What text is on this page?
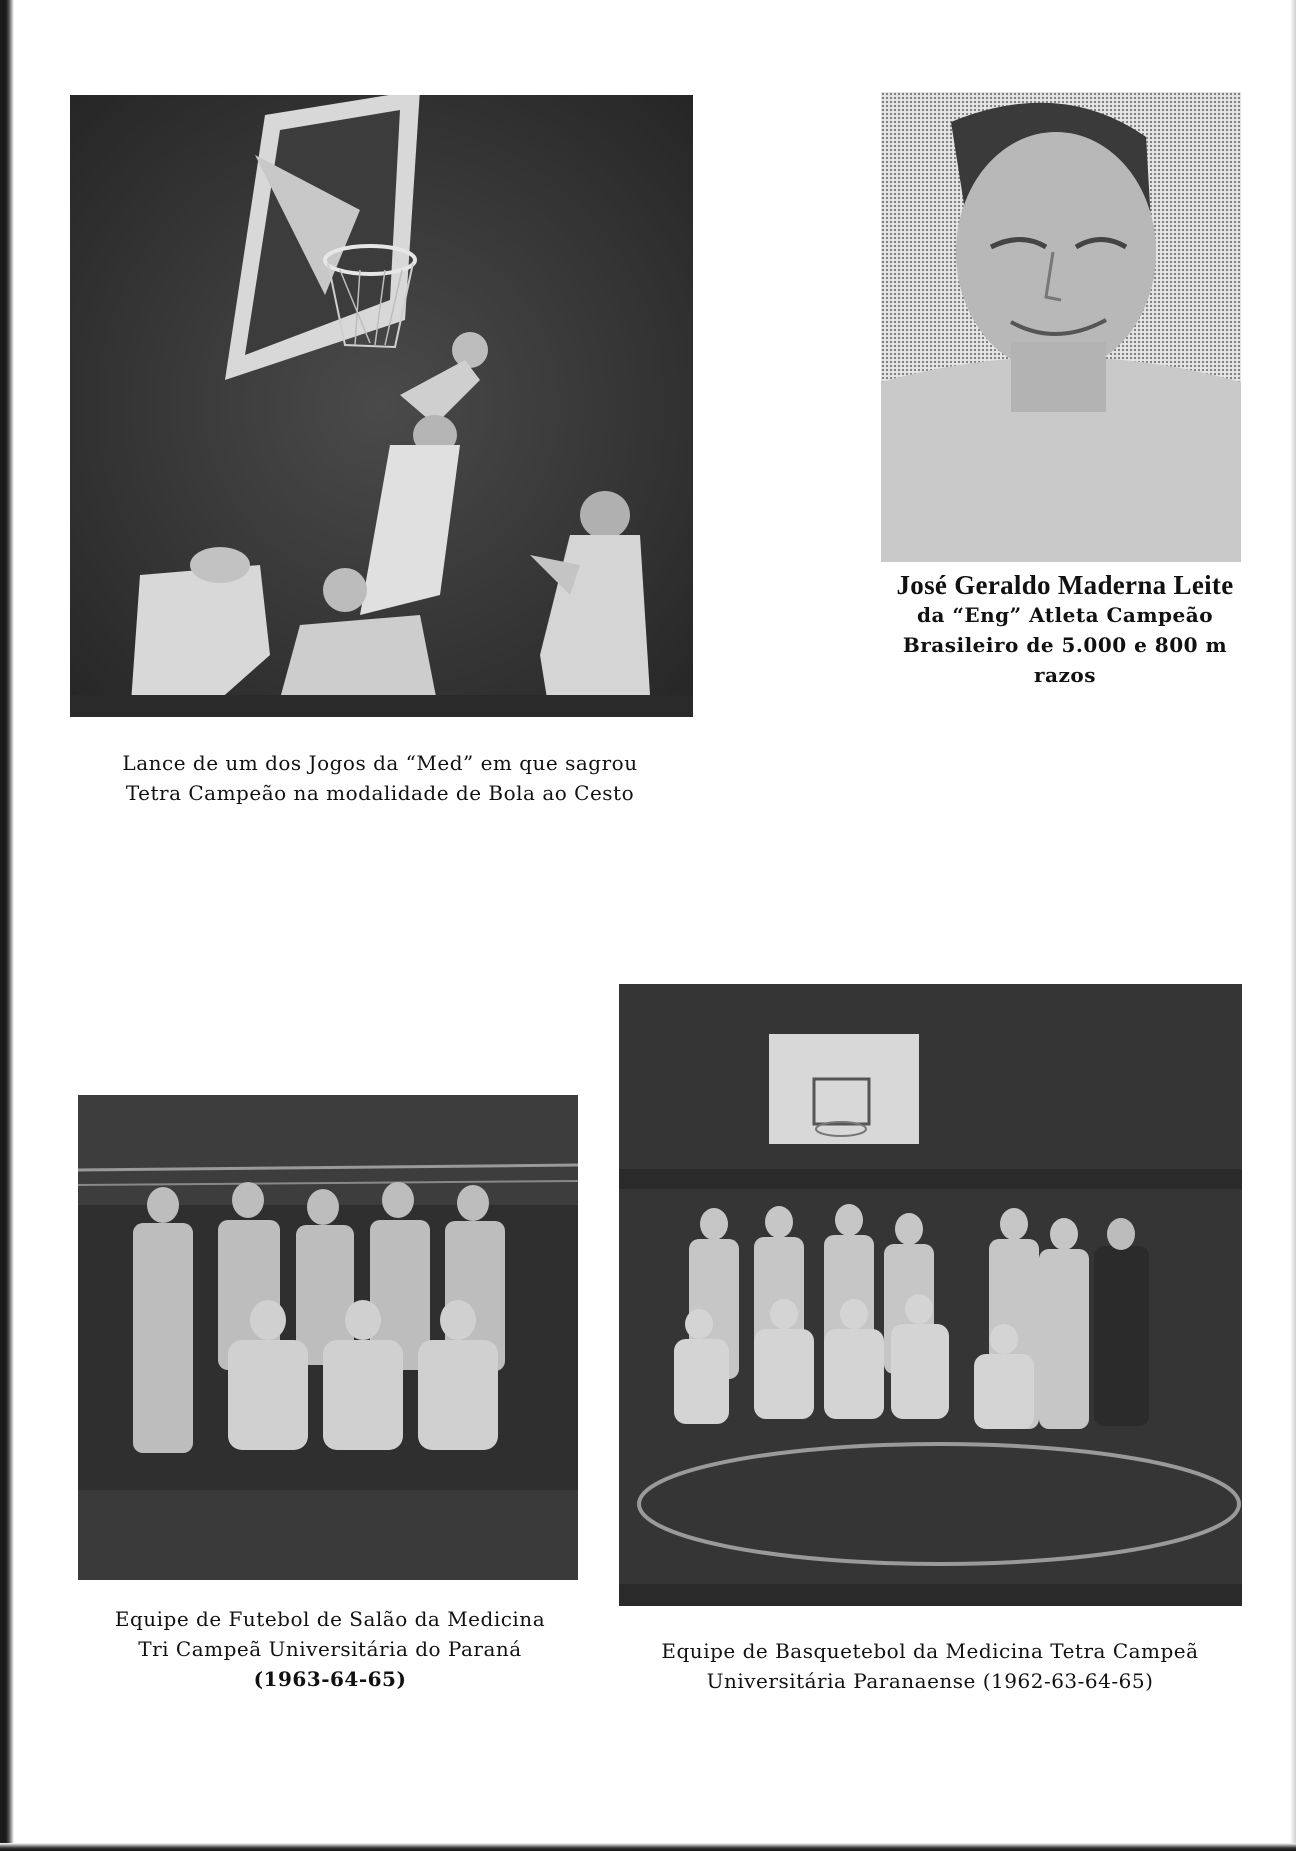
Lance de um dos Jogos da “Med” em que sagrou
Tetra Campeão na modalidade de Bola ao Cesto
José Geraldo Maderna Leite
da “Eng” Atleta Campeão
Brasileiro de 5.000 e 800 m
razos
Equipe de Futebol de Salão da Medicina
Tri Campeã Universitária do Paraná
(1963-64-65)
Equipe de Basquetebol da Medicina Tetra Campeã
Universitária Paranaense (1962-63-64-65)
